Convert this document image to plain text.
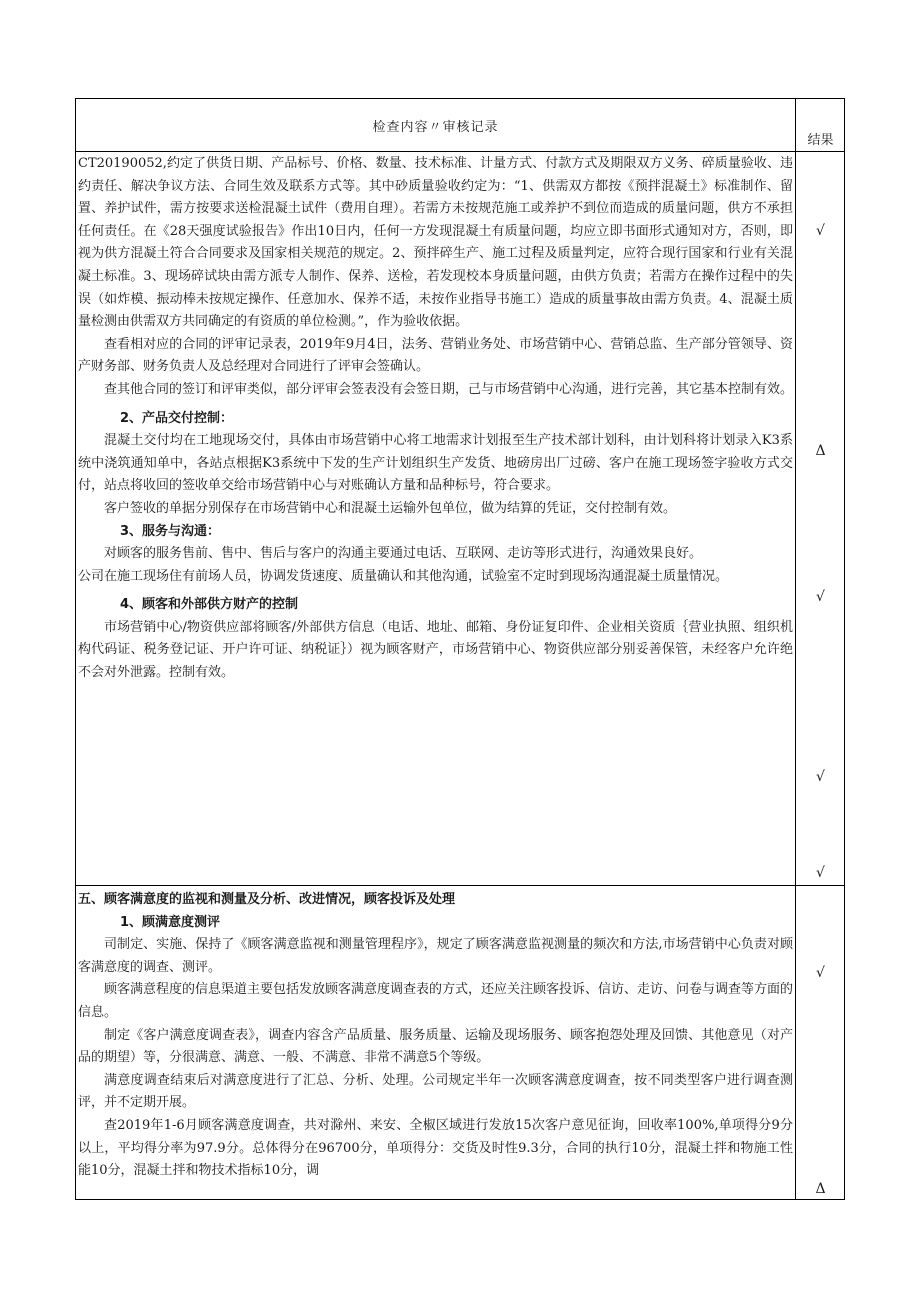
检查内容〃审核记录
结果

CT20190052,约定了供货日期、产品标号、价格、数量、技术标准、计量方式、付款方式及期限双方义务、碎质量验收、违约责任、解决争议方法、合同生效及联系方式等。其中砂质量验收约定为：“1、供需双方都按《预拌混凝土》标准制作、留置、养护试件，需方按要求送检混凝土试件（费用自理）。若需方未按规范施工或养护不到位而造成的质量问题，供方不承担任何责任。在《28天强度试验报告》作出10日内，任何一方发现混凝土有质量问题，均应立即书面形式通知对方，否则，即视为供方混凝土符合合同要求及国家相关规范的规定。2、预拌碎生产、施工过程及质量判定，应符合现行国家和行业有关混凝土标准。3、现场碎试块由需方派专人制作、保养、送检，若发现校本身质量问题，由供方负责；若需方在操作过程中的失误（如炸模、振动棒未按规定操作、任意加水、保养不适，未按作业指导书施工）造成的质量事故由需方负责。4、混凝土质量检测由供需双方共同确定的有资质的单位检测。”，作为验收依据。

查看相对应的合同的评审记录表，2019年9月4日，法务、营销业务处、市场营销中心、营销总监、生产部分管领导、资产财务部、财务负责人及总经理对合同进行了评审会签确认。

查其他合同的签订和评审类似，部分评审会签表没有会签日期，己与市场营销中心沟通，进行完善，其它基本控制有效。

2、产品交付控制：

混凝土交付均在工地现场交付，具体由市场营销中心将工地需求计划报至生产技术部计划科，由计划科将计划录入K3系统中浇筑通知单中，各站点根据K3系统中下发的生产计划组织生产发货、地磅房出厂过磅、客户在施工现场签字验收方式交付，站点将收回的签收单交给市场营销中心与对账确认方量和品种标号，符合要求。

客户签收的单据分别保存在市场营销中心和混凝土运输外包单位，做为结算的凭证，交付控制有效。

3、服务与沟通：

对顾客的服务售前、售中、售后与客户的沟通主要通过电话、互联网、走访等形式进行，沟通效果良好。

公司在施工现场住有前场人员，协调发货速度、质量确认和其他沟通，试验室不定时到现场沟通混凝土质量情况。

4、顾客和外部供方财产的控制

市场营销中心/物资供应部将顾客/外部供方信息（电话、地址、邮箱、身份证复印件、企业相关资质｛营业执照、组织机构代码证、税务登记证、开户许可证、纳税证｝）视为顾客财产，市场营销中心、物资供应部分别妥善保管，未经客户允许绝不会对外泄露。控制有效。

√
Δ
√
√
√

五、顾客满意度的监视和测量及分析、改进情况，顾客投诉及处理

1、顾满意度测评

司制定、实施、保持了《顾客满意监视和测量管理程序》，规定了顾客满意监视测量的频次和方法,市场营销中心负责对顾客满意度的调查、测评。

顾客满意程度的信息渠道主要包括发放顾客满意度调查表的方式，还应关注顾客投诉、信访、走访、问卷与调查等方面的信息。

制定《客户满意度调查表》，调查内容含产品质量、服务质量、运输及现场服务、顾客抱怨处理及回馈、其他意见（对产品的期望）等，分很满意、满意、一般、不满意、非常不满意5个等级。

满意度调查结束后对满意度进行了汇总、分析、处理。公司规定半年一次顾客满意度调查，按不同类型客户进行调查测评，并不定期开展。

查2019年1-6月顾客满意度调查，共对滁州、来安、全椒区域进行发放15次客户意见征询，回收率100%,单项得分9分以上，平均得分率为97.9分。总体得分在96700分，单项得分：交货及时性9.3分，合同的执行10分，混凝土拌和物施工性能10分，混凝土拌和物技术指标10分，调

√
Δ
